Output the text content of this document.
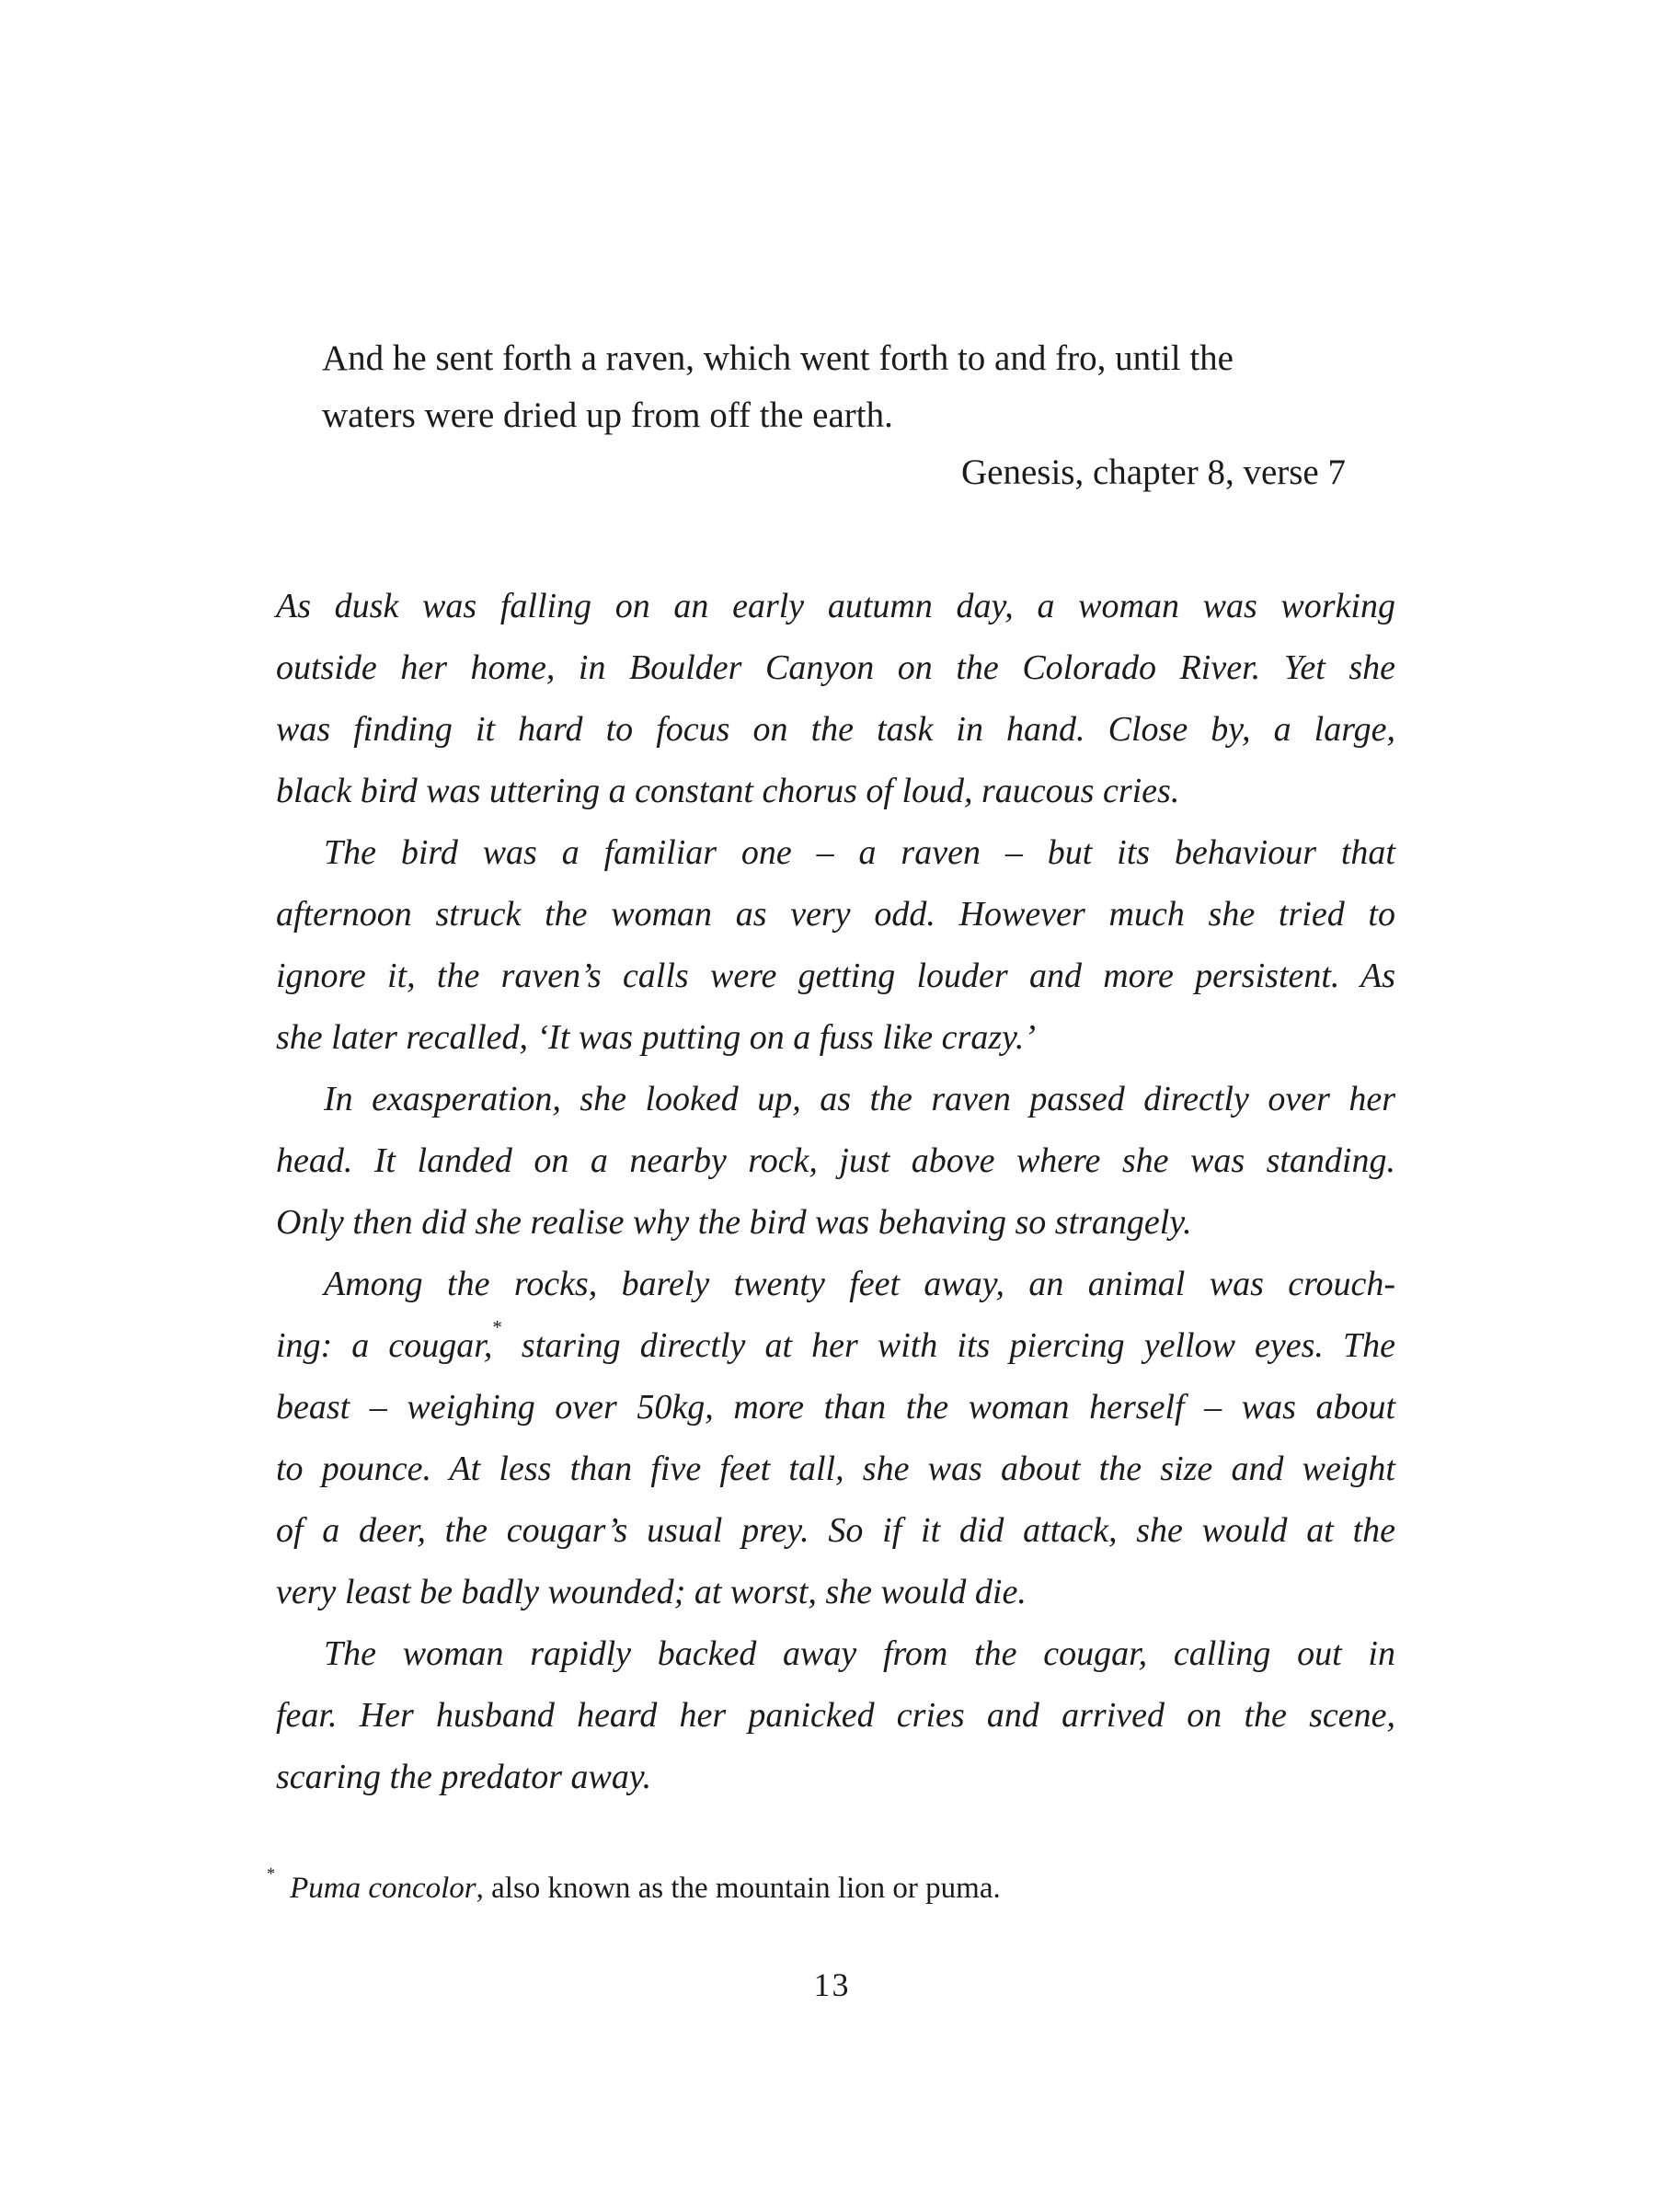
And he sent forth a raven, which went forth to and fro, until the
waters were dried up from off the earth.
Genesis, chapter 8, verse 7
As dusk was falling on an early autumn day, a woman was working
outside her home, in Boulder Canyon on the Colorado River. Yet she
was finding it hard to focus on the task in hand. Close by, a large,
black bird was uttering a constant chorus of loud, raucous cries.
The bird was a familiar one – a raven – but its behaviour that
afternoon struck the woman as very odd. However much she tried to
ignore it, the raven’s calls were getting louder and more persistent. As
she later recalled, ‘It was putting on a fuss like crazy.’
In exasperation, she looked up, as the raven passed directly over her
head. It landed on a nearby rock, just above where she was standing.
Only then did she realise why the bird was behaving so strangely.
Among the rocks, barely twenty feet away, an animal was crouch-
ing: a cougar,* staring directly at her with its piercing yellow eyes. The
beast – weighing over 50kg, more than the woman herself – was about
to pounce. At less than five feet tall, she was about the size and weight
of a deer, the cougar’s usual prey. So if it did attack, she would at the
very least be badly wounded; at worst, she would die.
The woman rapidly backed away from the cougar, calling out in
fear. Her husband heard her panicked cries and arrived on the scene,
scaring the predator away.
* Puma concolor, also known as the mountain lion or puma.
13
